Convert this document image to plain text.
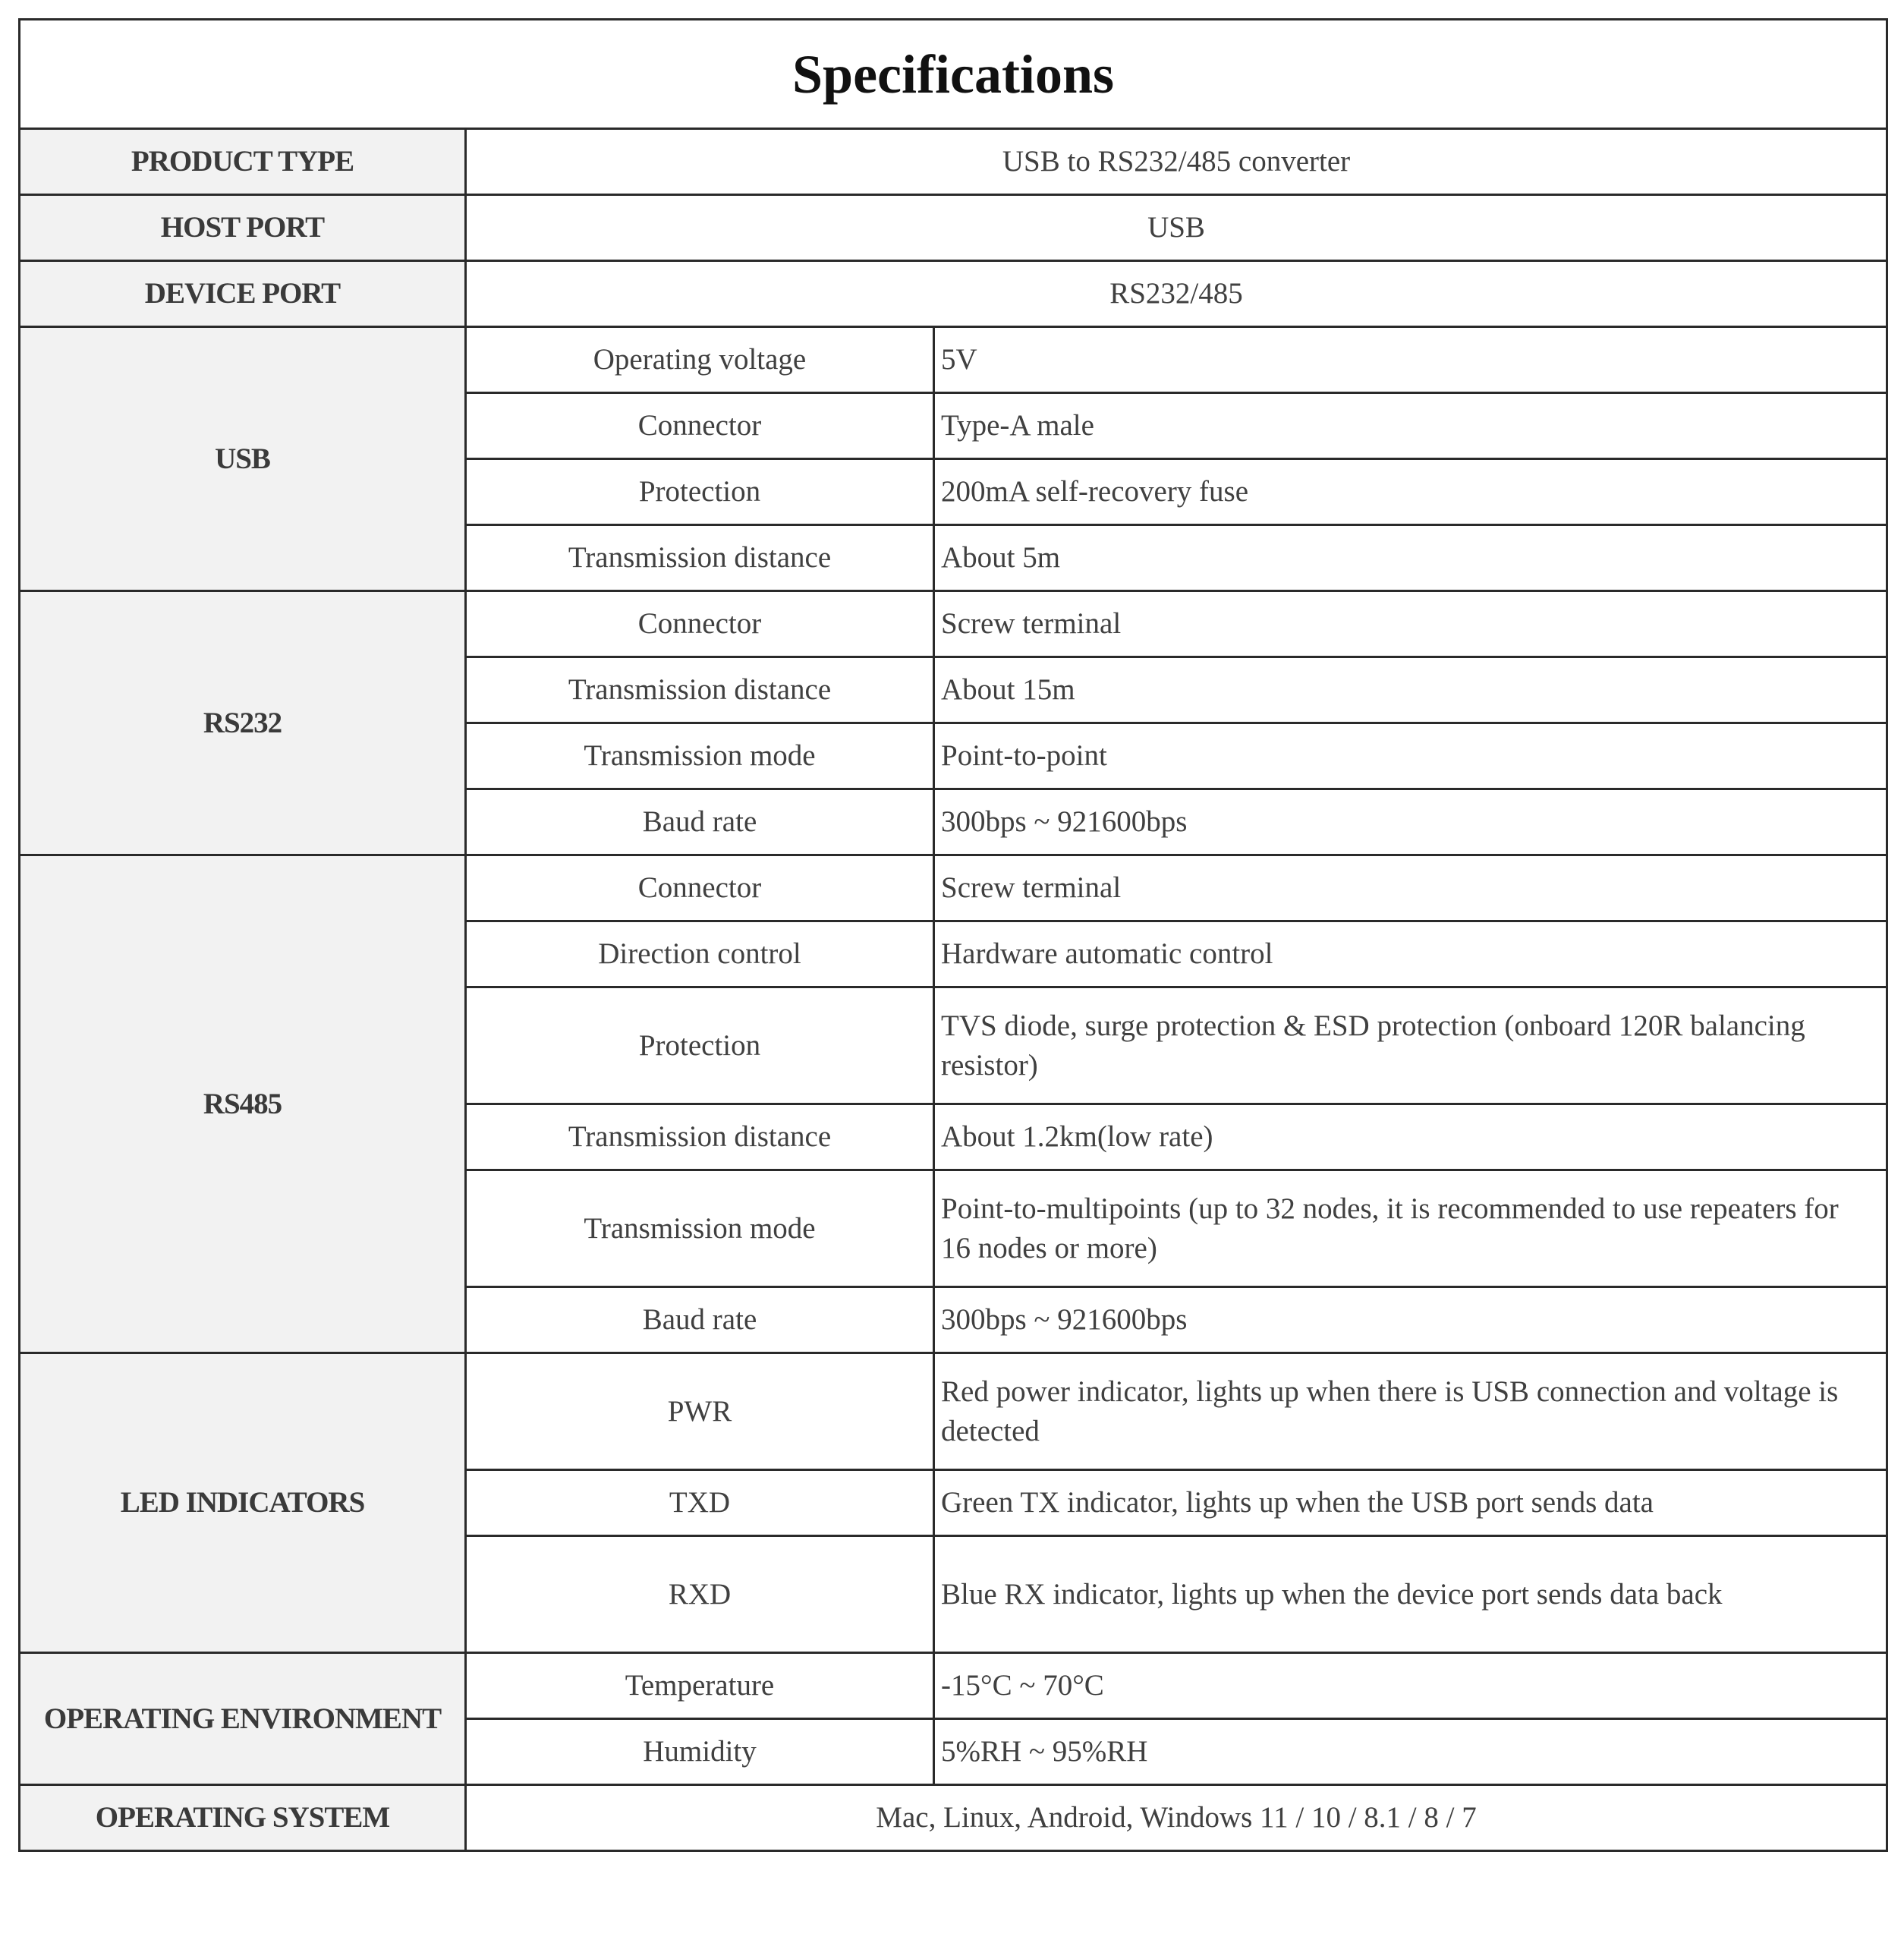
Specifications		
PRODUCT TYPE	USB to RS232/485 converter	
HOST PORT	USB	
DEVICE PORT	RS232/485	
USB	Operating voltage	5V
	Connector	Type-A male
	Protection	200mA self-recovery fuse
	Transmission distance	About 5m
RS232	Connector	Screw terminal
	Transmission distance	About 15m
	Transmission mode	Point-to-point
	Baud rate	300bps ~ 921600bps
RS485	Connector	Screw terminal
	Direction control	Hardware automatic control
	Protection	TVS diode, surge protection & ESD protection (onboard 120R balancing resistor)
	Transmission distance	About 1.2km(low rate)
	Transmission mode	Point-to-multipoints (up to 32 nodes, it is recommended to use repeaters for 16 nodes or more)
	Baud rate	300bps ~ 921600bps
LED INDICATORS	PWR	Red power indicator, lights up when there is USB connection and voltage is detected
	TXD	Green TX indicator, lights up when the USB port sends data
	RXD	Blue RX indicator, lights up when the device port sends data back
OPERATING ENVIRONMENT	Temperature	-15°C ~ 70°C
	Humidity	5%RH ~ 95%RH
OPERATING SYSTEM	Mac, Linux, Android, Windows 11 / 10 / 8.1 / 8 / 7	
